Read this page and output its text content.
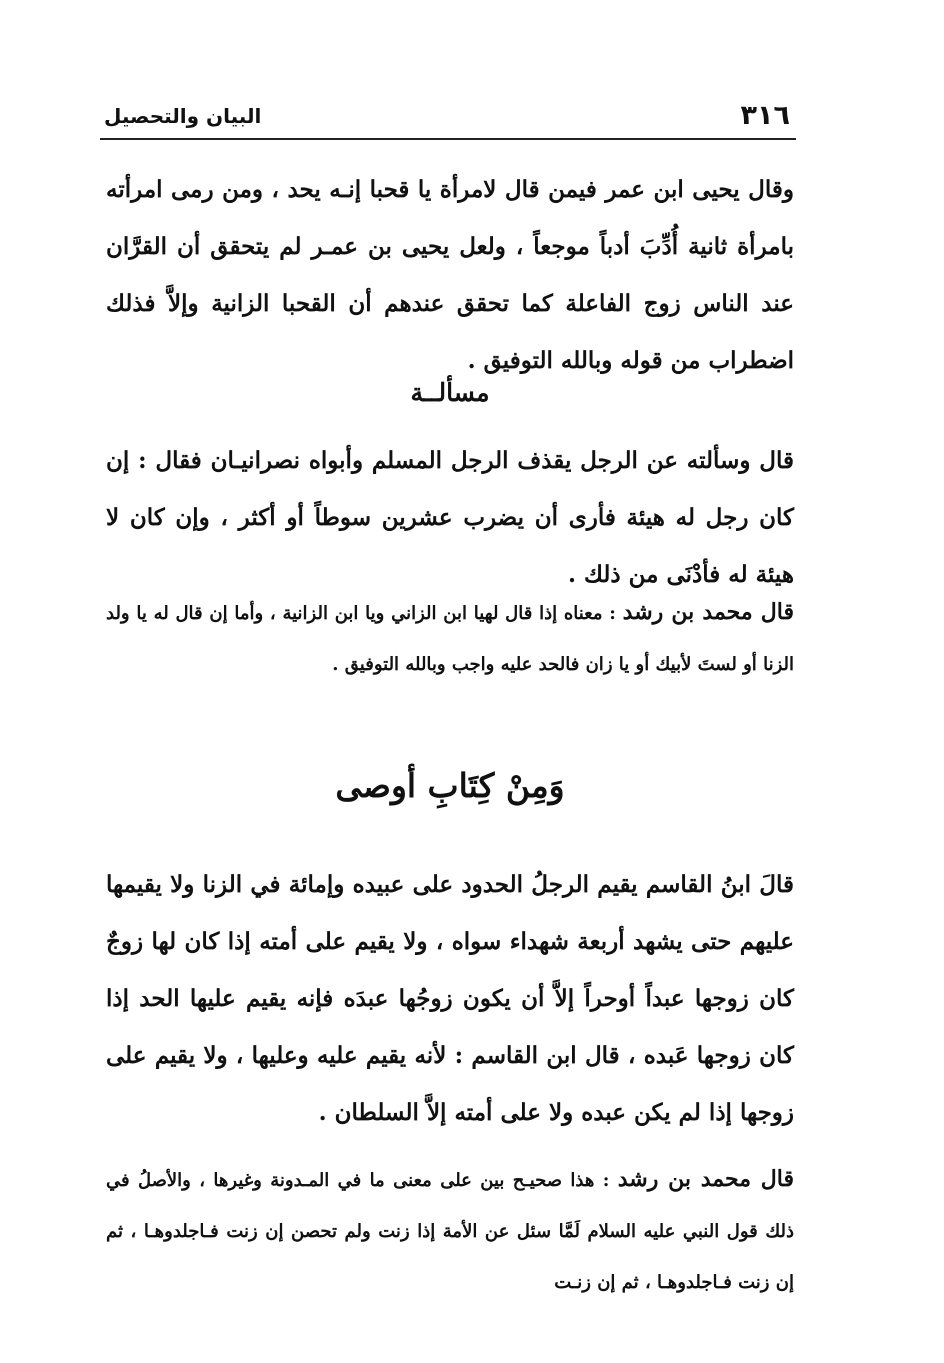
٣١٦
البيان والتحصيل

وقال يحيى ابن عمر فيمن قال لامرأة يا قحبا إنـه يحد ، ومن رمى امرأته بامرأة ثانية أُدِّبَ أدباً موجعاً ، ولعل يحيى بن عمـر لم يتحقق أن القرَّان عند الناس زوج الفاعلة كما تحقق عندهم أن القحبا الزانية وإلاَّ فذلك اضطراب من قوله وبالله التوفيق .

مسألــة

قال وسألته عن الرجل يقذف الرجل المسلم وأبواه نصرانيـان فقال : إن كان رجل له هيئة فأرى أن يضرب عشرين سوطاً أو أكثر ، وإن كان لا هيئة له فأدْنَى من ذلك .

قال محمد بن رشد : معناه إذا قال لهيا ابن الزاني ويا ابن الزانية ، وأما إن قال له يا ولد الزنا أو لستَ لأبيك أو يا زان فالحد عليه واجب وبالله التوفيق .

وَمِنْ كِتَابِ أوصى

قالَ ابنُ القاسم يقيم الرجلُ الحدود على عبيده وإمائة في الزنا ولا يقيمها عليهم حتى يشهد أربعة شهداء سواه ، ولا يقيم على أمته إذا كان لها زوجٌ كان زوجها عبداً أوحراً إلاَّ أن يكون زوجُها عبدَه فإنه يقيم عليها الحد إذا كان زوجها عَبده ، قال ابن القاسم : لأنه يقيم عليه وعليها ، ولا يقيم على زوجها إذا لم يكن عبده ولا على أمته إلاَّ السلطان .

قال محمد بن رشد : هذا صحيـح بين على معنى ما في المـدونة وغيرها ، والأصلُ في ذلك قول النبي عليه السلام لَمَّا سئل عن الأمة إذا زنت ولم تحصن إن زنت فـاجلدوهـا ، ثم إن زنت فـاجلدوهـا ، ثم إن زنـت
